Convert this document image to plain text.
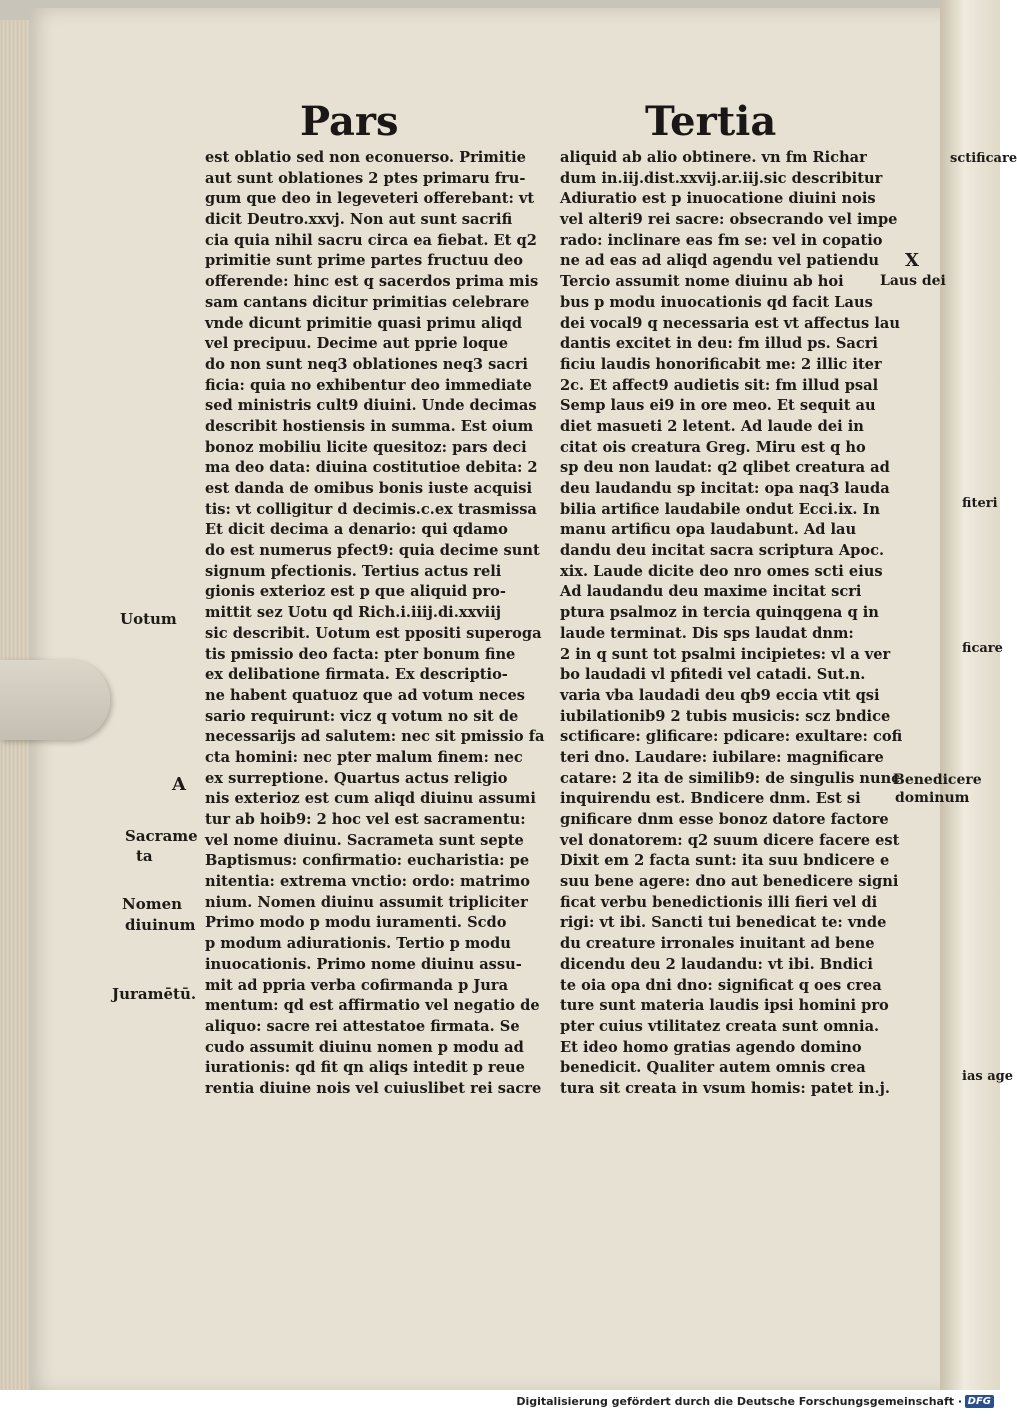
Pars	Tertia
est oblatio sed non econuerso. Primitie
aut sunt oblationes 2 ptes primaru fru-
gum que deo in legeveteri offerebant: vt
dicit Deutro.xxvj. Non aut sunt sacrifi
cia quia nihil sacru circa ea fiebat. Et q2
primitie sunt prime partes fructuu deo
offerende: hinc est q sacerdos prima mis
sam cantans dicitur primitias celebrare
vnde dicunt primitie quasi primu aliqd
vel precipuu. Decime aut pprie loque
do non sunt neq3 oblationes neq3 sacri
ficia: quia no exhibentur deo immediate
sed ministris cult9 diuini. Unde decimas
describit hostiensis in summa. Est oium
bonoz mobiliu licite quesitoz: pars deci
ma deo data: diuina costitutioe debita: 2
est danda de omibus bonis iuste acquisi
tis: vt colligitur d decimis.c.ex trasmissa
Et dicit decima a denario: qui qdamo
do est numerus pfect9: quia decime sunt
signum pfectionis. Tertius actus reli
gionis exterioz est p que aliquid pro-
mittit sez Uotu qd Rich.i.iiij.di.xxviij
sic describit. Uotum est ppositi superoga
tis pmissio deo facta: pter bonum fine
ex delibatione firmata. Ex descriptio-
ne habent quatuoz que ad votum neces
sario requirunt: vicz q votum no sit de
necessarijs ad salutem: nec sit pmissio fa
cta homini: nec pter malum finem: nec
ex surreptione. Quartus actus religio
nis exterioz est cum aliqd diuinu assumi
tur ab hoib9: 2 hoc vel est sacramentu:
vel nome diuinu. Sacrameta sunt septe
Baptismus: confirmatio: eucharistia: pe
nitentia: extrema vnctio: ordo: matrimo
nium. Nomen diuinu assumit tripliciter
Primo modo p modu iuramenti. Scdo
p modum adiurationis. Tertio p modu
inuocationis. Primo nome diuinu assu-
mit ad ppria verba cofirmanda p Jura
mentum: qd est affirmatio vel negatio de
aliquo: sacre rei attestatoe firmata. Se
cudo assumit diuinu nomen p modu ad
iurationis: qd fit qn aliqs intedit p reue
rentia diuine nois vel cuiuslibet rei sacre
aliquid ab alio obtinere. vn fm Richar
dum in.iij.dist.xxvij.ar.iij.sic describitur
Adiuratio est p inuocatione diuini nois
vel alteri9 rei sacre: obsecrando vel impe
rado: inclinare eas fm se: vel in copatio
ne ad eas ad aliqd agendu vel patiendu
Tercio assumit nome diuinu ab hoi
bus p modu inuocationis qd facit Laus
dei vocal9 q necessaria est vt affectus lau
dantis excitet in deu: fm illud ps. Sacri
ficiu laudis honorificabit me: 2 illic iter
2c. Et affect9 audietis sit: fm illud psal
Semp laus ei9 in ore meo. Et sequit au
diet masueti 2 letent. Ad laude dei in
citat ois creatura Greg. Miru est q ho
sp deu non laudat: q2 qlibet creatura ad
deu laudandu sp incitat: opa naq3 lauda
bilia artifice laudabile ondut Ecci.ix. In
manu artificu opa laudabunt. Ad lau
dandu deu incitat sacra scriptura Apoc.
xix. Laude dicite deo nro omes scti eius
Ad laudandu deu maxime incitat scri
ptura psalmoz in tercia quinqgena q in
laude terminat. Dis sps laudat dnm:
2 in q sunt tot psalmi incipietes: vl a ver
bo laudadi vl pfitedi vel catadi. Sut.n.
varia vba laudadi deu qb9 eccia vtit qsi
iubilationib9 2 tubis musicis: scz bndice
sctificare: glificare: pdicare: exultare: cofi
teri dno. Laudare: iubilare: magnificare
catare: 2 ita de similib9: de singulis nunc
inquirendu est. Bndicere dnm. Est si
gnificare dnm esse bonoz datore factore
vel donatorem: q2 suum dicere facere est
Dixit em 2 facta sunt: ita suu bndicere e
suu bene agere: dno aut benedicere signi
ficat verbu benedictionis illi fieri vel di
rigi: vt ibi. Sancti tui benedicat te: vnde
du creature irronales inuitant ad bene
dicendu deu 2 laudandu: vt ibi. Bndici
te oia opa dni dno: significat q oes crea
ture sunt materia laudis ipsi homini pro
pter cuius vtilitatez creata sunt omnia.
Et ideo homo gratias agendo domino
benedicit. Qualiter autem omnis crea
tura sit creata in vsum homis: patet in.j.
Uotum
A
Sacrame
ta
Nomen
diuinum
Juramētū.
X
Laus dei
Benedicere
dominum
sctificare
fiteri
ficare
ias age
Digitalisierung gefördert durch die Deutsche Forschungsgemeinschaft · DFG
